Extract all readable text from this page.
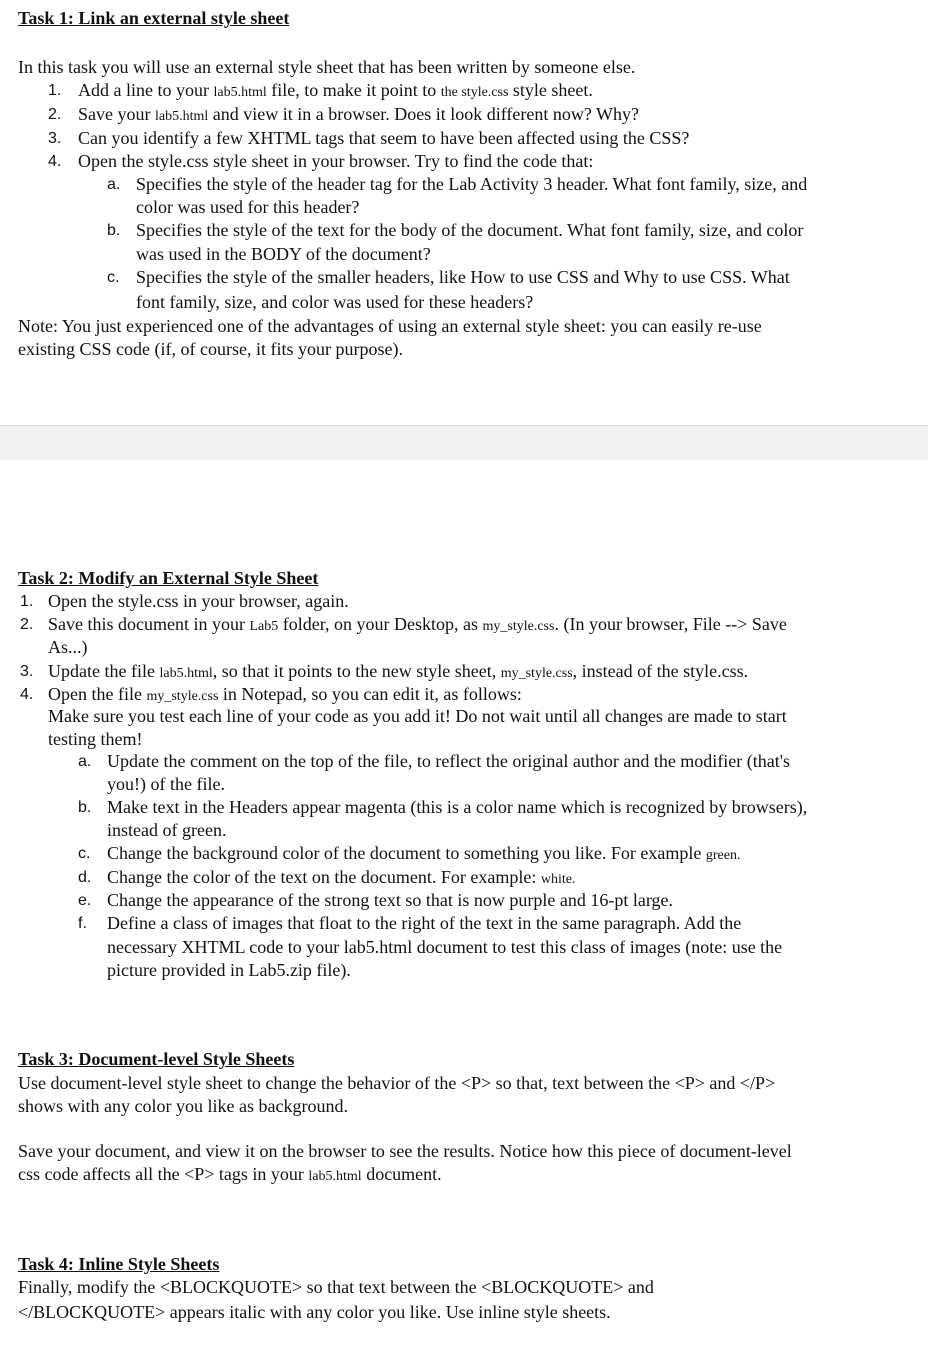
Task 1: Link an external style sheet
In this task you will use an external style sheet that has been written by someone else.
1. Add a line to your lab5.html file, to make it point to the style.css style sheet.
2. Save your lab5.html and view it in a browser. Does it look different now? Why?
3. Can you identify a few XHTML tags that seem to have been affected using the CSS?
4. Open the style.css style sheet in your browser. Try to find the code that:
a. Specifies the style of the header tag for the Lab Activity 3 header. What font family, size, and
color was used for this header?
b. Specifies the style of the text for the body of the document. What font family, size, and color
was used in the BODY of the document?
c. Specifies the style of the smaller headers, like How to use CSS and Why to use CSS. What
font family, size, and color was used for these headers?
Note: You just experienced one of the advantages of using an external style sheet: you can easily re-use
existing CSS code (if, of course, it fits your purpose).
Task 2: Modify an External Style Sheet
1. Open the style.css in your browser, again.
2. Save this document in your Lab5 folder, on your Desktop, as my_style.css. (In your browser, File --> Save
As...)
3. Update the file lab5.html, so that it points to the new style sheet, my_style.css, instead of the style.css.
4. Open the file my_style.css in Notepad, so you can edit it, as follows:
Make sure you test each line of your code as you add it! Do not wait until all changes are made to start
testing them!
a. Update the comment on the top of the file, to reflect the original author and the modifier (that's
you!) of the file.
b. Make text in the Headers appear magenta (this is a color name which is recognized by browsers),
instead of green.
c. Change the background color of the document to something you like. For example green.
d. Change the color of the text on the document. For example: white.
e. Change the appearance of the strong text so that is now purple and 16-pt large.
f. Define a class of images that float to the right of the text in the same paragraph. Add the
necessary XHTML code to your lab5.html document to test this class of images (note: use the
picture provided in Lab5.zip file).
Task 3: Document-level Style Sheets
Use document-level style sheet to change the behavior of the <P> so that, text between the <P> and </P>
shows with any color you like as background.
Save your document, and view it on the browser to see the results. Notice how this piece of document-level
css code affects all the <P> tags in your lab5.html document.
Task 4: Inline Style Sheets
Finally, modify the <BLOCKQUOTE> so that text between the <BLOCKQUOTE> and
</BLOCKQUOTE> appears italic with any color you like. Use inline style sheets.
